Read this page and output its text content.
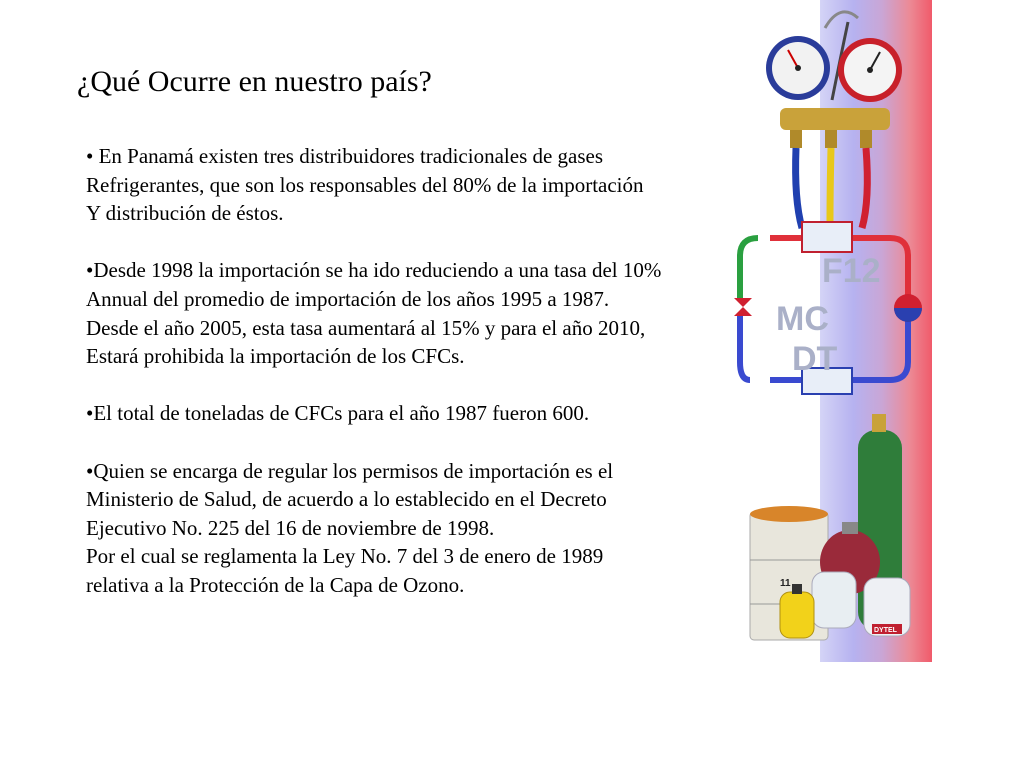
F12
MC
DT
11
DYTEL
¿Qué Ocurre en nuestro país?
• En Panamá existen tres distribuidores tradicionales de gases
Refrigerantes, que son los responsables del 80% de la importación
Y distribución de éstos.
•Desde 1998 la importación se ha ido reduciendo a una tasa del 10%
Annual del promedio de importación de los años 1995 a 1987.
Desde el año 2005, esta tasa aumentará al 15% y para el año 2010,
Estará prohibida la importación de los CFCs.
•El total de toneladas de CFCs para el año 1987 fueron 600.
•Quien se encarga de regular los permisos de importación es el
Ministerio de Salud, de acuerdo a lo establecido en el Decreto
Ejecutivo No. 225 del 16 de noviembre de 1998.
Por el cual se reglamenta la Ley No. 7 del 3 de enero de 1989
relativa a la Protección de la Capa de Ozono.
